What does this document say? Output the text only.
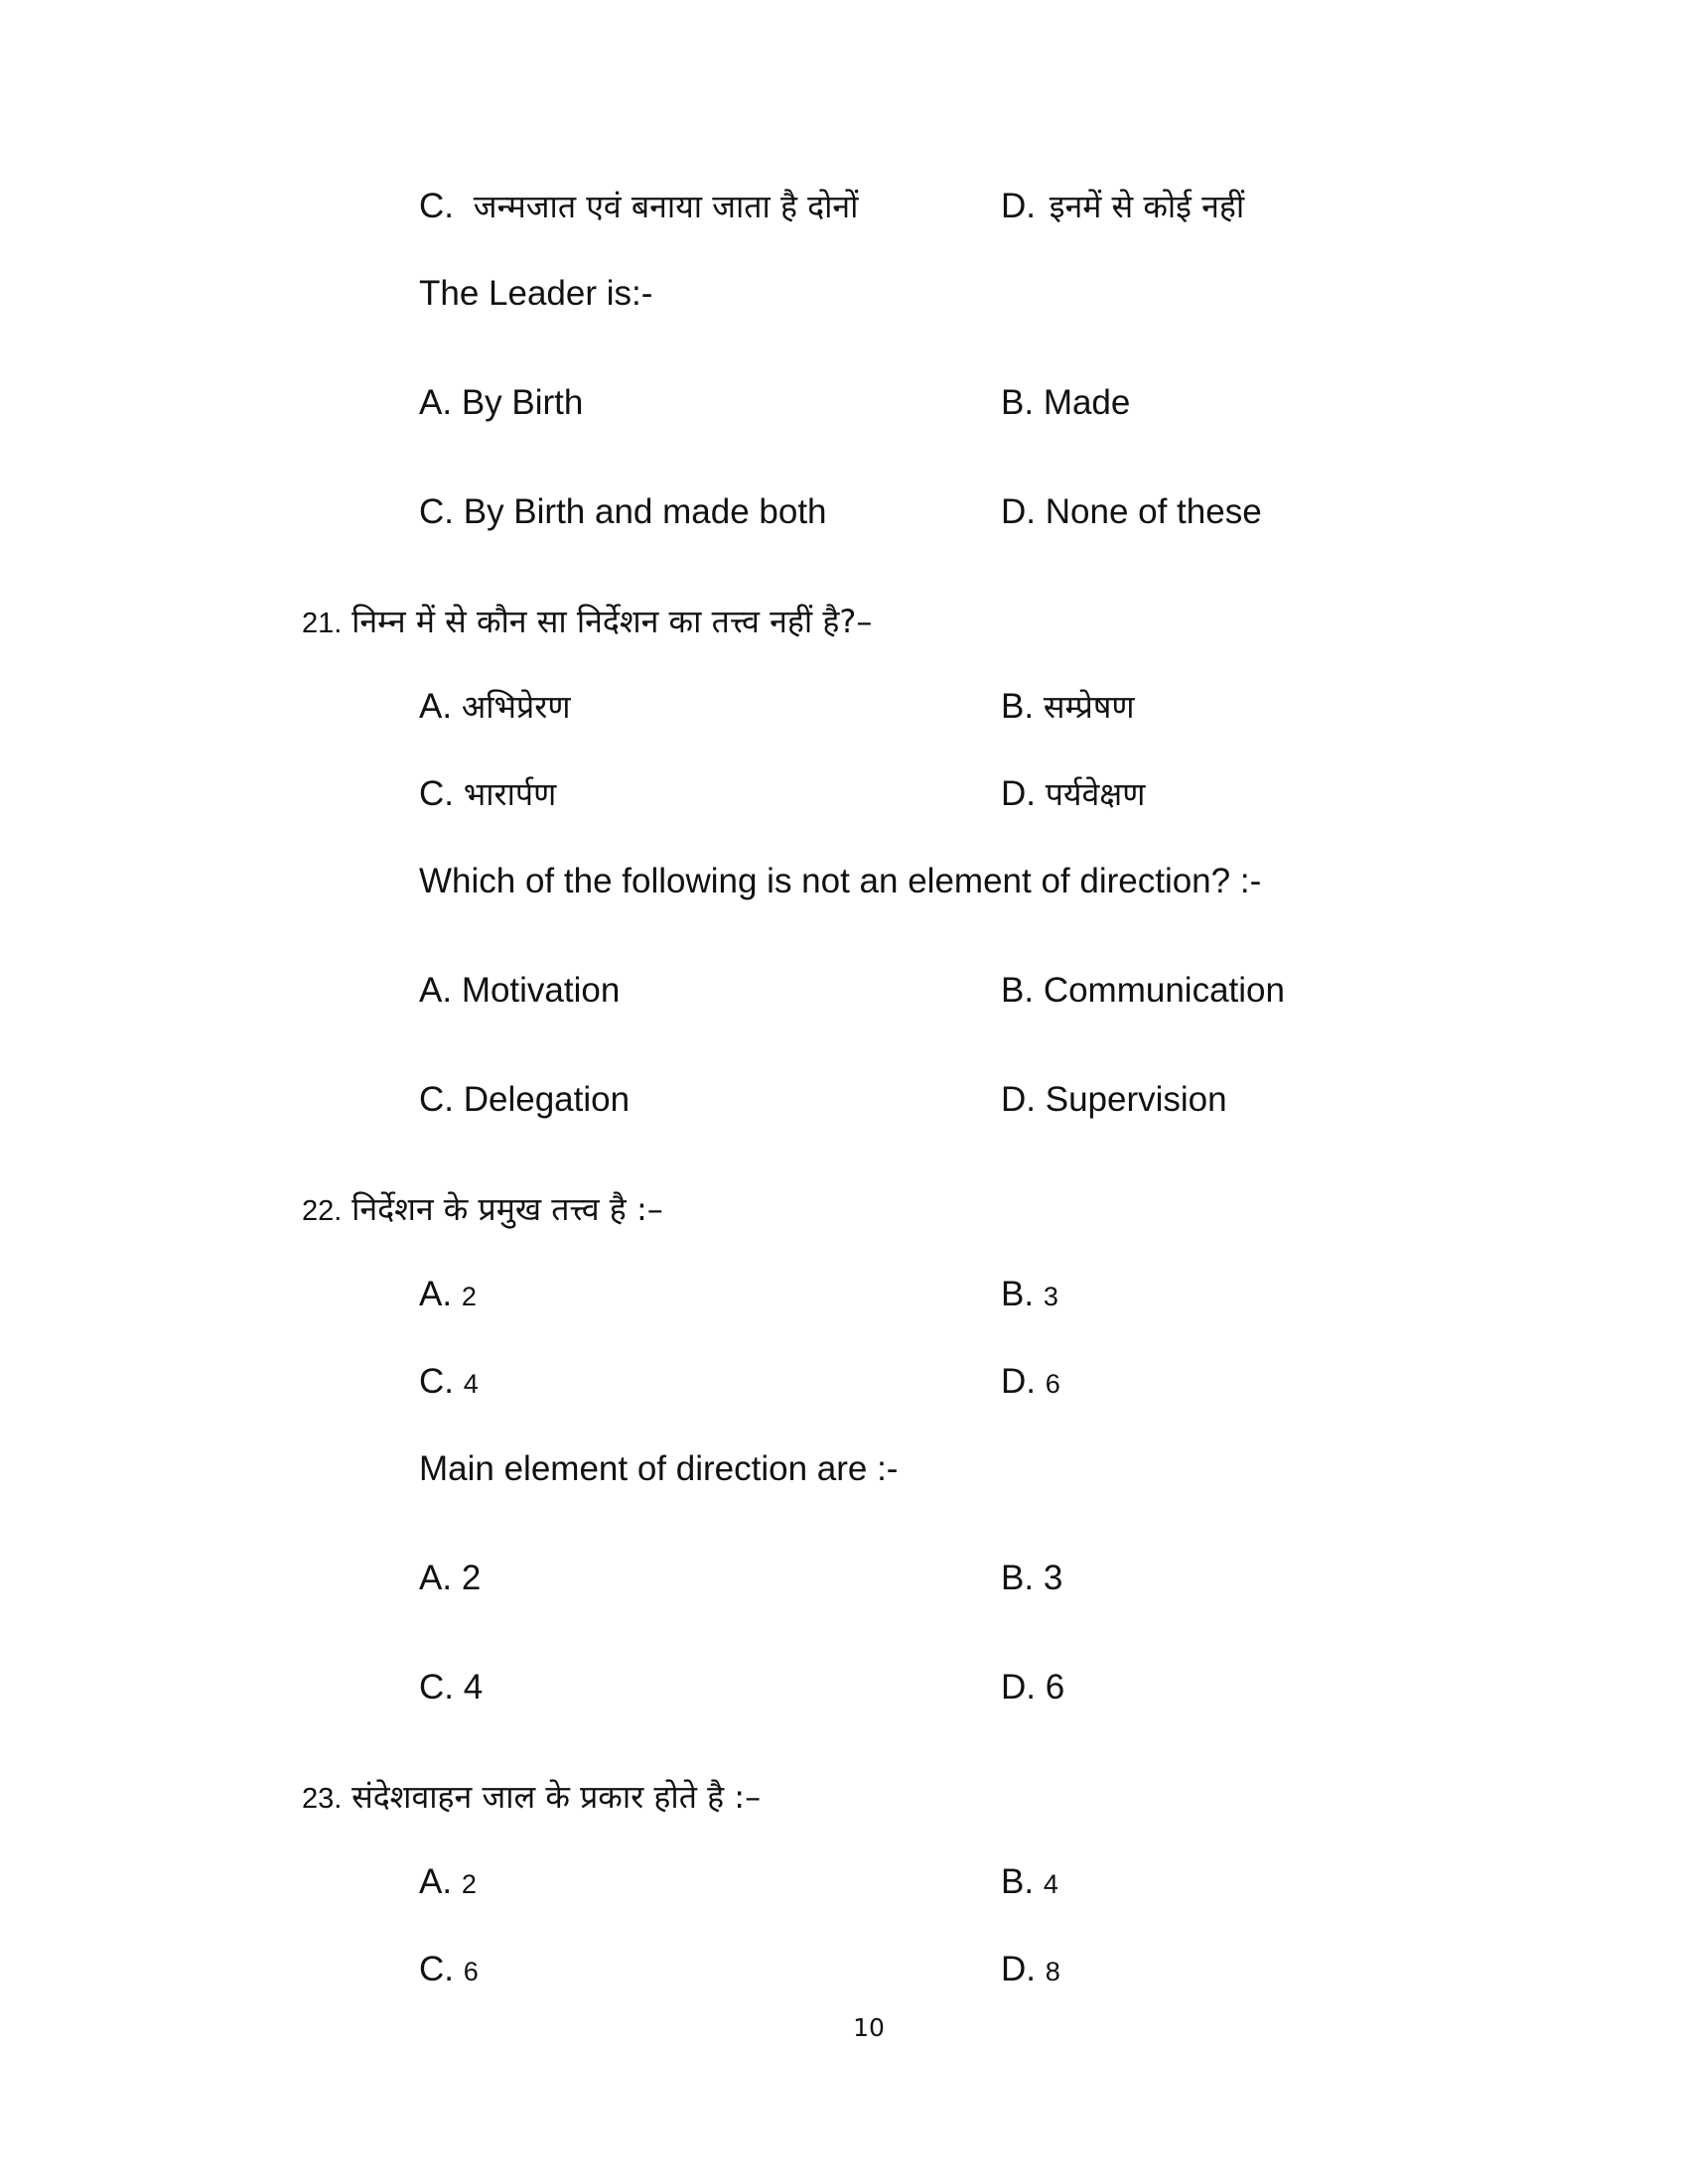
C. जन्मजात एवं बनाया जाता है दोनों	D. इनमें से कोई नहीं
The Leader is:-
A. By Birth	B. Made
C. By Birth and made both	D. None of these
21. निम्न में से कौन सा निर्देशन का तत्त्व नहीं है?–
A. अभिप्रेरण	B. सम्प्रेषण
C. भारार्पण	D. पर्यवेक्षण
Which of the following is not an element of direction? :-
A. Motivation	B. Communication
C. Delegation	D. Supervision
22. निर्देशन के प्रमुख तत्त्व है :–
A. 2	B. 3
C. 4	D. 6
Main element of direction are :-
A. 2	B. 3
C. 4	D. 6
23. संदेशवाहन जाल के प्रकार होते है :–
A. 2	B. 4
C. 6	D. 8
10
